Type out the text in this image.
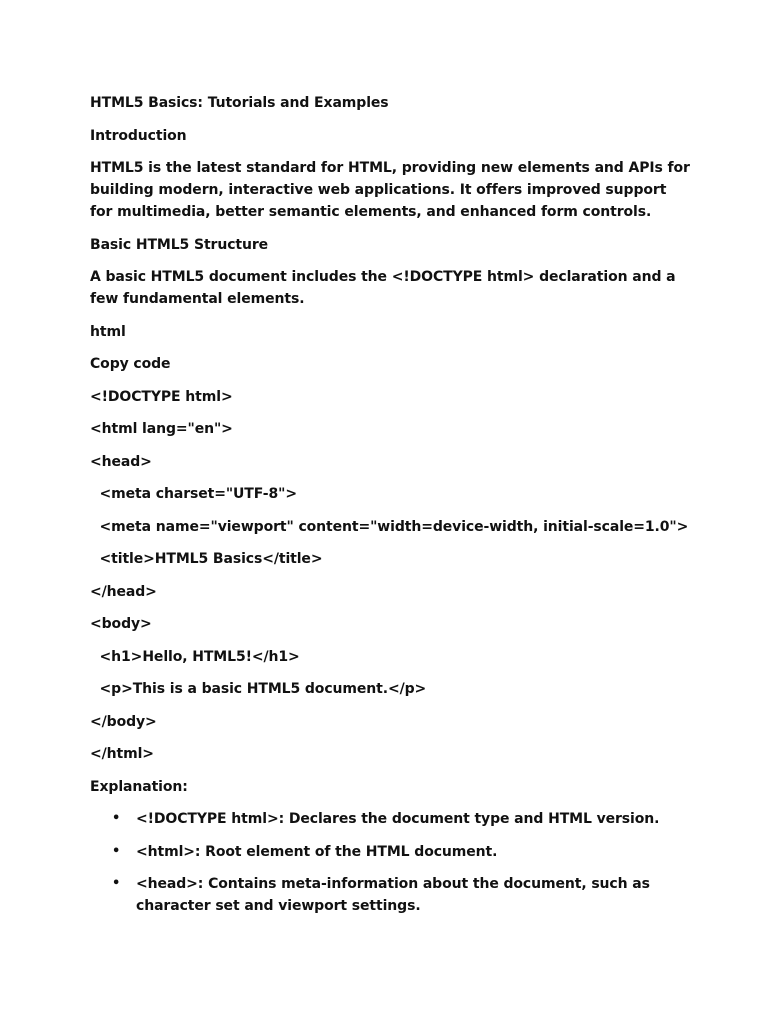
HTML5 Basics: Tutorials and Examples
Introduction
HTML5 is the latest standard for HTML, providing new elements and APIs for building modern, interactive web applications. It offers improved support for multimedia, better semantic elements, and enhanced form controls.
Basic HTML5 Structure
A basic HTML5 document includes the <!DOCTYPE html> declaration and a few fundamental elements.
html
Copy code
<!DOCTYPE html>
<html lang="en">
<head>
<meta charset="UTF-8">
<meta name="viewport" content="width=device-width, initial-scale=1.0">
<title>HTML5 Basics</title>
</head>
<body>
<h1>Hello, HTML5!</h1>
<p>This is a basic HTML5 document.</p>
</body>
</html>
Explanation:
• <!DOCTYPE html>: Declares the document type and HTML version.
• <html>: Root element of the HTML document.
• <head>: Contains meta-information about the document, such as character set and viewport settings.
